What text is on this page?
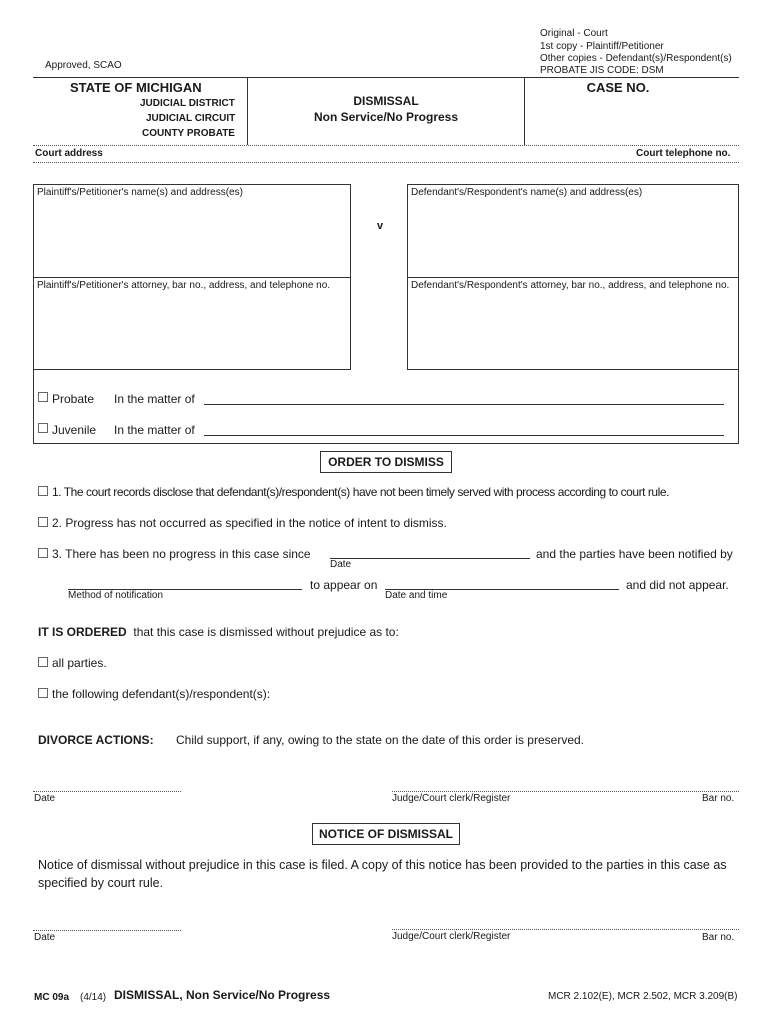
Original - Court
1st copy - Plaintiff/Petitioner
Other copies - Defendant(s)/Respondent(s)
PROBATE JIS CODE: DSM
Approved, SCAO
STATE OF MICHIGAN
JUDICIAL DISTRICT
JUDICIAL CIRCUIT
COUNTY PROBATE
DISMISSAL
Non Service/No Progress
CASE NO.
Court address	Court telephone no.
Plaintiff's/Petitioner's name(s) and address(es)
Plaintiff's/Petitioner's attorney, bar no., address, and telephone no.
v
Defendant's/Respondent's name(s) and address(es)
Defendant's/Respondent's attorney, bar no., address, and telephone no.
Probate In the matter of
Juvenile In the matter of
ORDER TO DISMISS
1. The court records disclose that defendant(s)/respondent(s) have not been timely served with process according to court rule.
2. Progress has not occurred as specified in the notice of intent to dismiss.
3. There has been no progress in this case since
Date
and the parties have been notified by
Method of notification
to appear on
Date and time
and did not appear.
IT IS ORDERED that this case is dismissed without prejudice as to:
all parties.
the following defendant(s)/respondent(s):
DIVORCE ACTIONS: Child support, if any, owing to the state on the date of this order is preserved.
Date	Judge/Court clerk/Register	Bar no.
NOTICE OF DISMISSAL
Notice of dismissal without prejudice in this case is filed. A copy of this notice has been provided to the parties in this case as specified by court rule.
Date	Judge/Court clerk/Register	Bar no.
MC 09a (4/14) DISMISSAL, Non Service/No Progress	MCR 2.102(E), MCR 2.502, MCR 3.209(B)
